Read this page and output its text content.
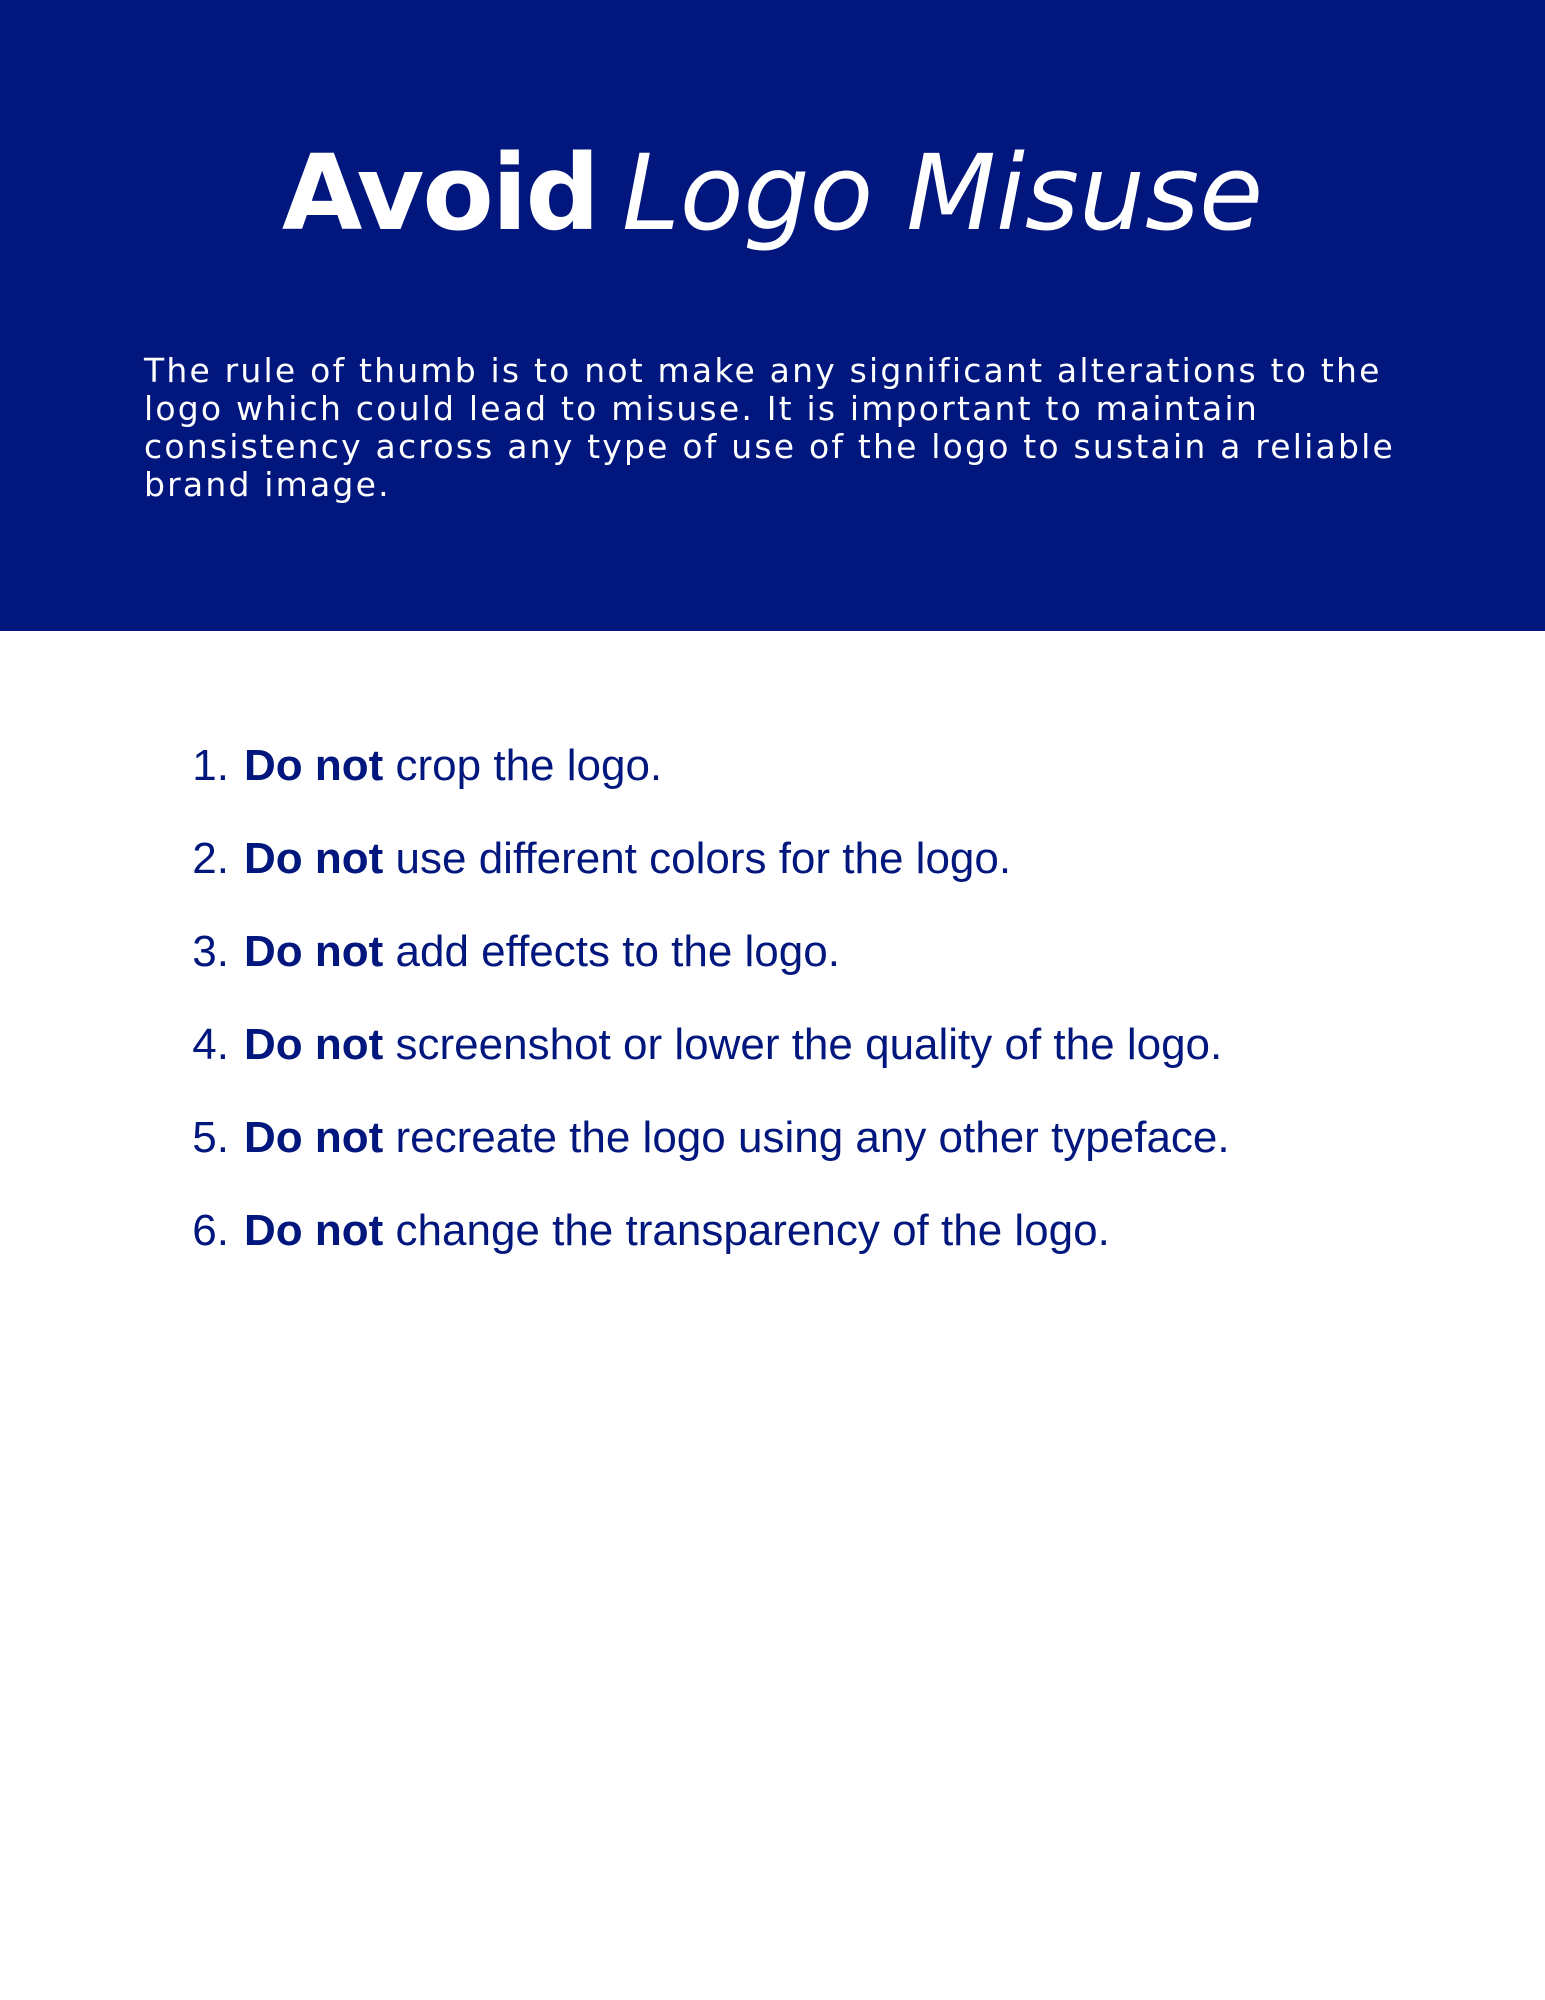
Avoid Logo Misuse

The rule of thumb is to not make any significant alterations to the logo which could lead to misuse. It is important to maintain consistency across any type of use of the logo to sustain a reliable brand image.

1. Do not crop the logo.
2. Do not use different colors for the logo.
3. Do not add effects to the logo.
4. Do not screenshot or lower the quality of the logo.
5. Do not recreate the logo using any other typeface.
6. Do not change the transparency of the logo.
